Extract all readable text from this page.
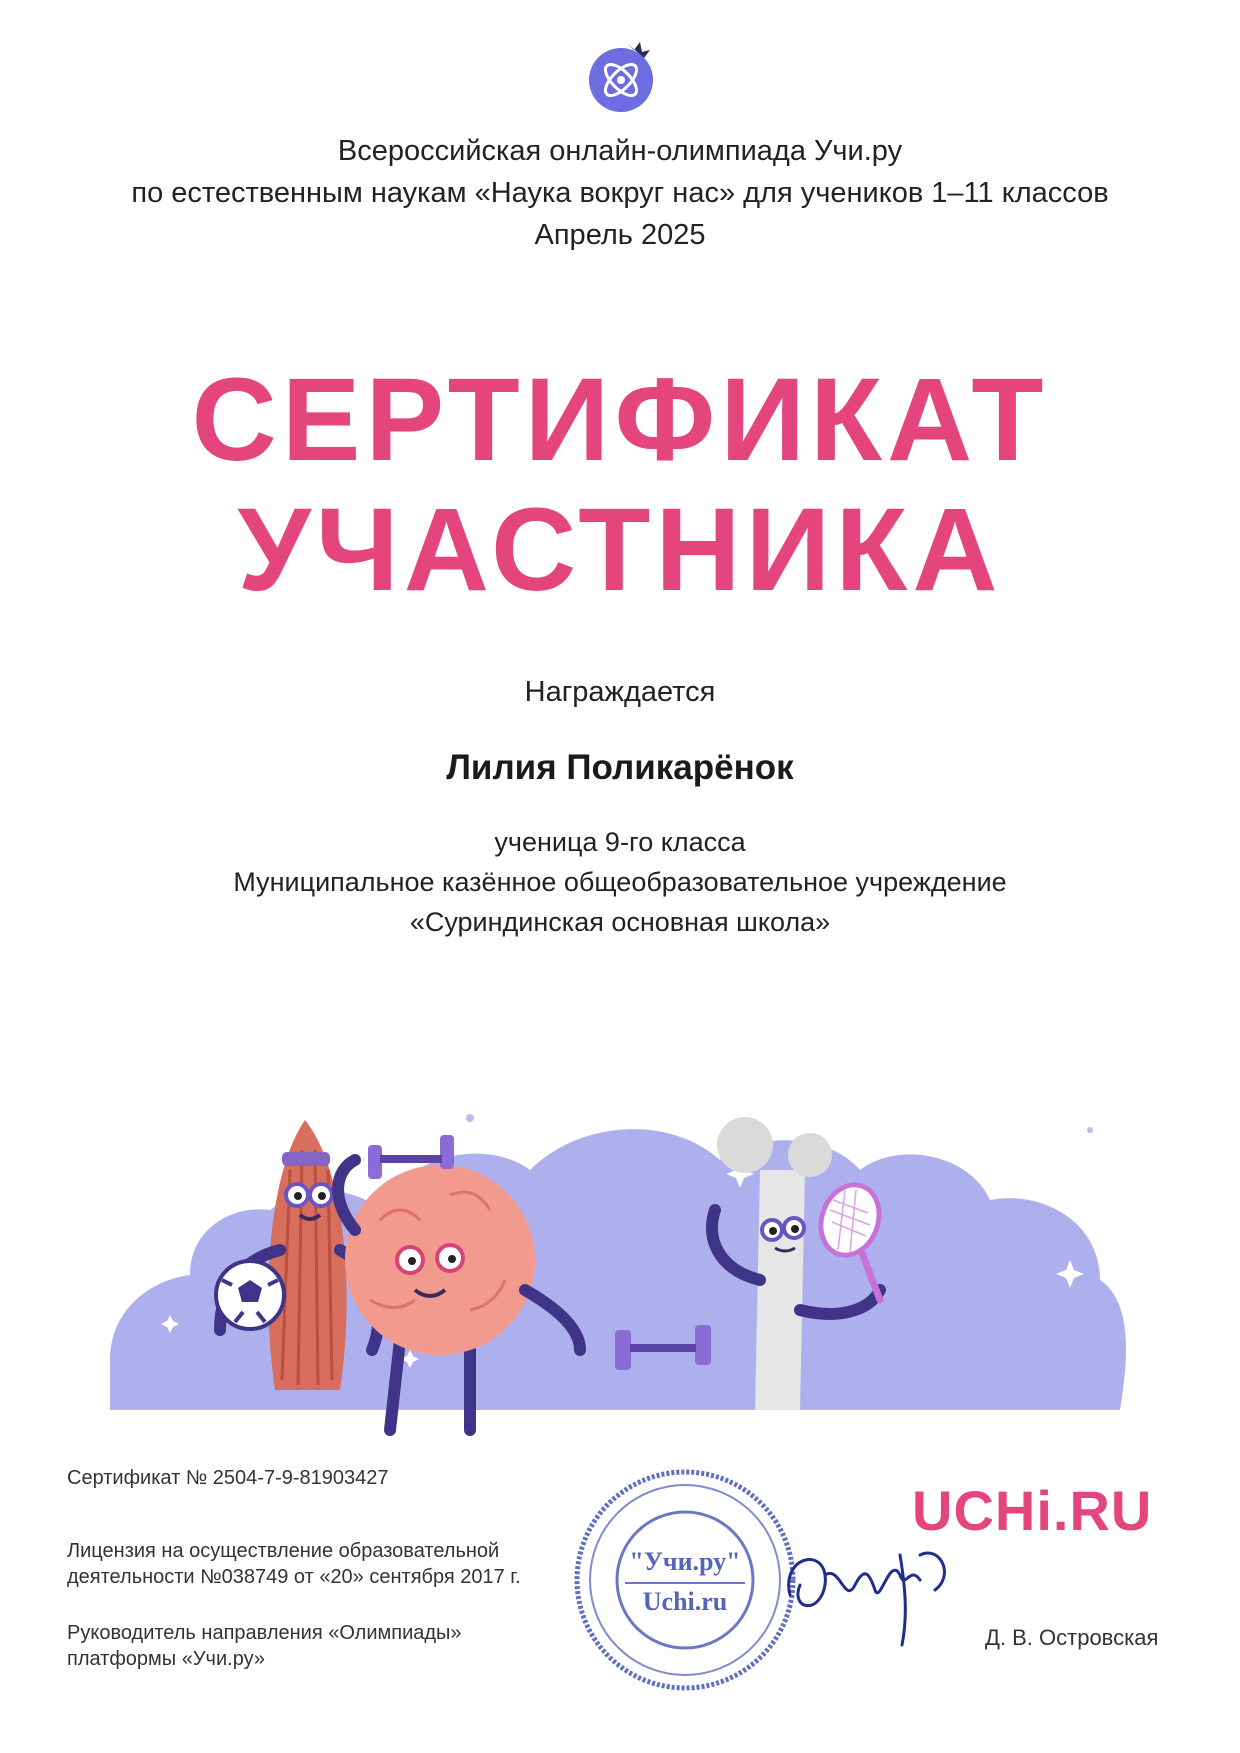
Всероссийская онлайн-олимпиада Учи.ру
по естественным наукам «Наука вокруг нас» для учеников 1–11 классов
Апрель 2025
СЕРТИФИКАТ
УЧАСТНИКА
Награждается
Лилия Поликарёнок
ученица 9-го класса
Муниципальное казённое общеобразовательное учреждение
«Суриндинская основная школа»
Сертификат № 2504-7-9-81903427
Лицензия на осуществление образовательной
деятельности №038749 от «20» сентября 2017 г.
Руководитель направления «Олимпиады»
платформы «Учи.ру»
"Учи.ру"
Uchi.ru
UCHi.RU
Д. В. Островская
